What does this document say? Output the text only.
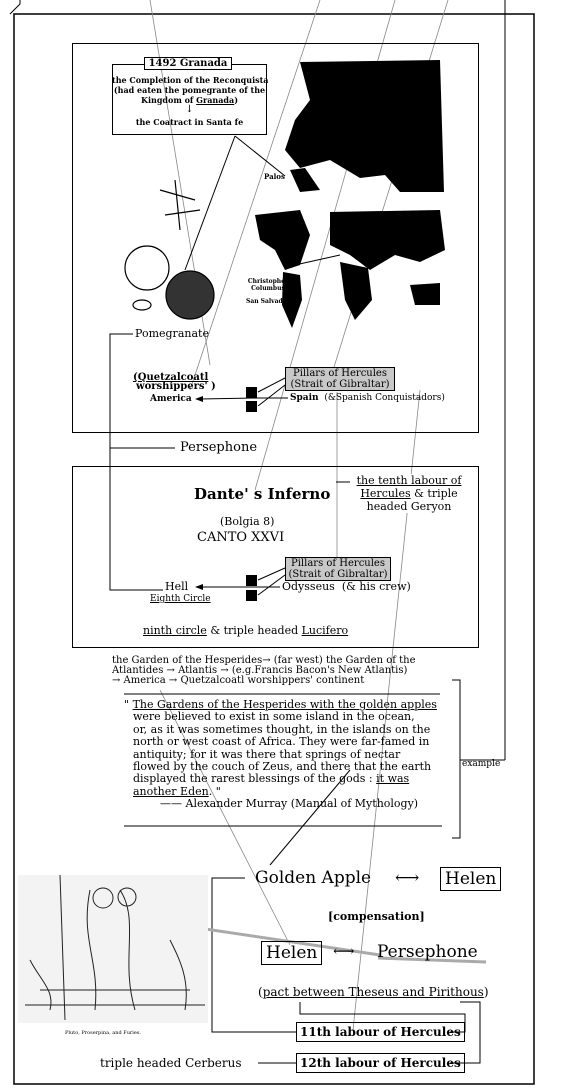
1492 Granada
the Completion of the Reconquista
(had eaten the pomegrante of the
Kingdom of Granada)
↓
the Coatract in Santa fe
Palos
Christopher
Columbus
San Salvador
Pomegranate
(Quetzalcoatl
worshippers' )
America
Pillars of Hercules
(Strait of Gibraltar)
Spain (&Spanish Conquistadors)
Persephone
Dante' s Inferno
(Bolgia 8)
CANTO XXVI
Pillars of Hercules
(Strait of Gibraltar)
Odysseus (& his crew)
Hell
Eighth Circle
ninth circle & triple headed Lucifero
the tenth labour of
Hercules & triple
headed Geryon
the Garden of the Hesperides→ (far west) the Garden of the
Atlantides → Atlantis → (e.g.Francis Bacon's New Atlantis)
→ America → Quetzalcoatl worshippers' continent
" The Gardens of the Hesperides with the golden apples
were believed to exist in some island in the ocean,
or, as it was sometimes thought, in the islands on the
north or west coast of Africa. They were far-famed in
antiquity; for it was there that springs of nectar
flowed by the couch of Zeus, and there that the earth
displayed the rarest blessings of the gods : it was
another Eden. "
—— Alexander Murray (Manual of Mythology)
example
Golden Apple ⟷ Helen
[compensation]
Helen	⟷ Persephone
(pact between Theseus and Pirithous)
11th labour of Hercules
12th labour of Hercules
triple headed Cerberus
Pluto, Proserpina, and Furies.
